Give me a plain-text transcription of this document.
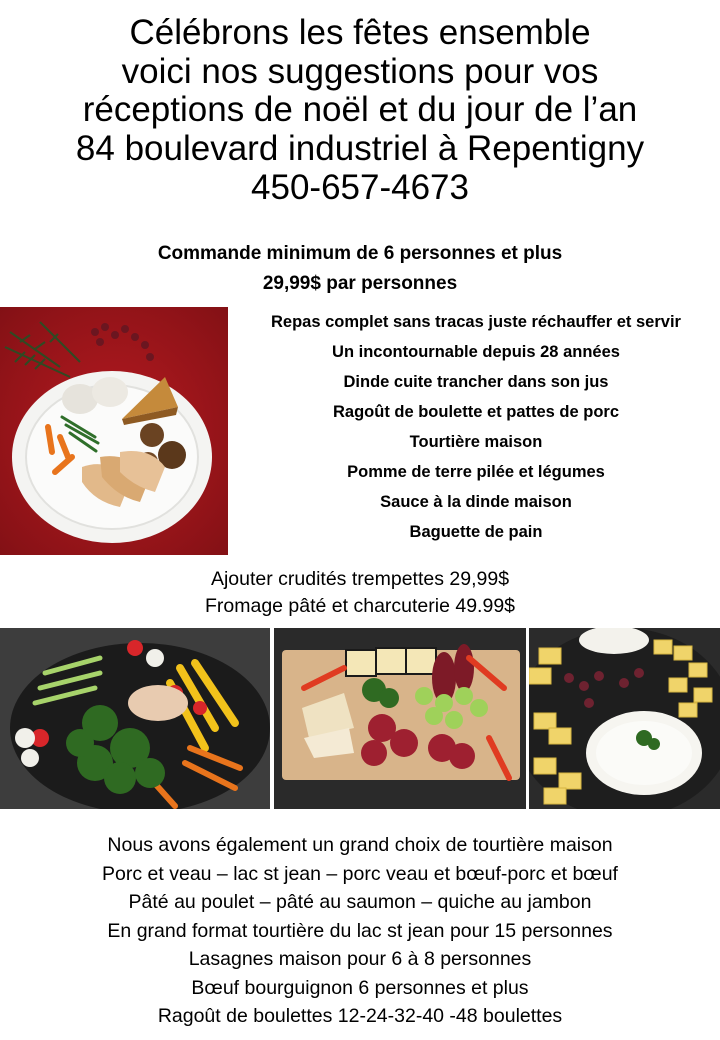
Célébrons les fêtes ensemble
voici nos suggestions pour vos
réceptions de noël et du jour de l’an
84 boulevard industriel à Repentigny
450-657-4673
Commande minimum de 6 personnes et plus
29,99$ par personnes
Repas complet sans tracas juste réchauffer et servir
Un incontournable depuis 28 années
Dinde cuite trancher dans son jus
Ragoût de boulette et pattes de porc
Tourtière maison
Pomme de terre pilée et légumes
Sauce à la dinde maison
Baguette de pain
Ajouter crudités trempettes 29,99$
Fromage pâté et charcuterie 49.99$
Nous avons également un grand choix de tourtière maison
Porc et veau – lac st jean – porc veau et bœuf-porc et bœuf
Pâté au poulet – pâté au saumon – quiche au jambon
En grand format tourtière du lac st jean pour 15 personnes
Lasagnes maison pour 6 à 8 personnes
Bœuf bourguignon 6 personnes et plus
Ragoût de boulettes 12-24-32-40 -48 boulettes
